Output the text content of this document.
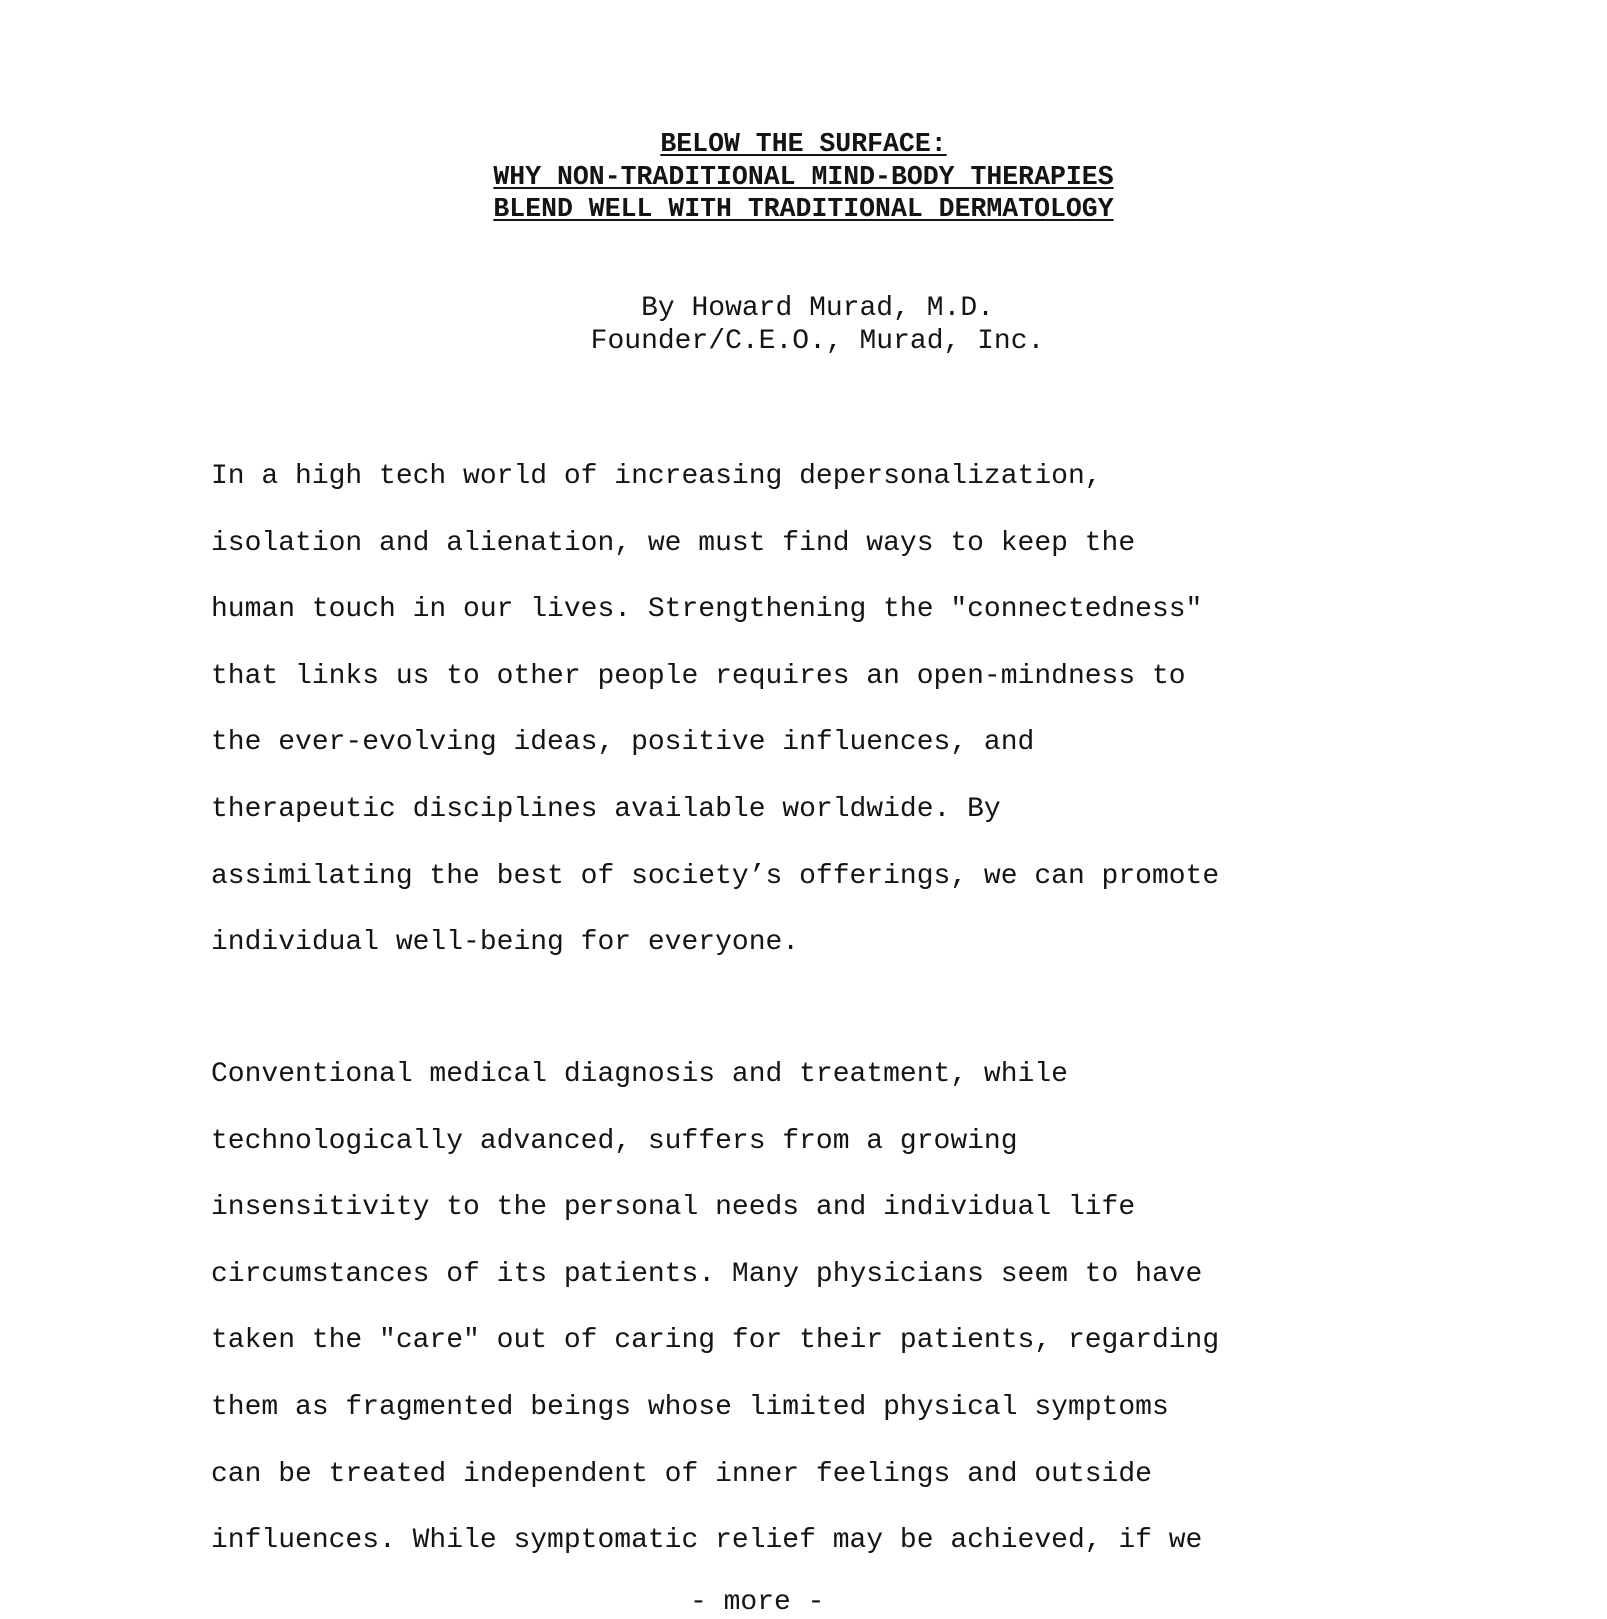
BELOW THE SURFACE:
WHY NON-TRADITIONAL MIND-BODY THERAPIES
BLEND WELL WITH TRADITIONAL DERMATOLOGY
By Howard Murad, M.D.
Founder/C.E.O., Murad, Inc.
In a high tech world of increasing depersonalization,
isolation and alienation, we must find ways to keep the
human touch in our lives. Strengthening the "connectedness"
that links us to other people requires an open-mindness to
the ever-evolving ideas, positive influences, and
therapeutic disciplines available worldwide. By
assimilating the best of society’s offerings, we can promote
individual well-being for everyone.
Conventional medical diagnosis and treatment, while
technologically advanced, suffers from a growing
insensitivity to the personal needs and individual life
circumstances of its patients. Many physicians seem to have
taken the "care" out of caring for their patients, regarding
them as fragmented beings whose limited physical symptoms
can be treated independent of inner feelings and outside
influences. While symptomatic relief may be achieved, if we
- more -
